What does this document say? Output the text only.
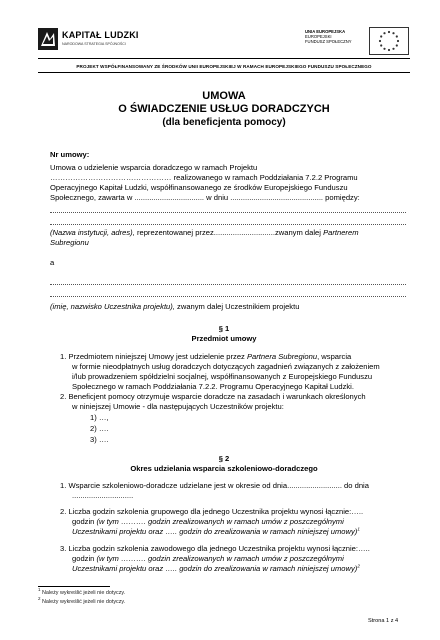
KAPITAŁ LUDZKI
NARODOWA STRATEGIA SPÓJNOŚCI
UNIA EUROPEJSKA
EUROPEJSKI
FUNDUSZ SPOŁECZNY
PROJEKT WSPÓŁFINANSOWANY ZE ŚRODKÓW UNII EUROPEJSKIEJ W RAMACH EUROPEJSKIEGO FUNDUSZU SPOŁECZNEGO
UMOWA
O ŚWIADCZENIE USŁUG DORADCZYCH
(dla beneficjenta pomocy)
Nr umowy:
Umowa o udzielenie wsparcia doradczego w ramach Projektu
………………………………………… realizowanego w ramach Poddziałania 7.2.2 Programu
Operacyjnego Kapitał Ludzki, współfinansowanego ze środków Europejskiego Funduszu
Społecznego, zawarta w ................................. w dniu ............................................ pomiędzy:
(Nazwa instytucji, adres), reprezentowanej przez.............................zwanym dalej Partnerem
Subregionu
a
(imię, nazwisko Uczestnika projektu), zwanym dalej Uczestnikiem projektu
§ 1
Przedmiot umowy
1. Przedmiotem niniejszej Umowy jest udzielenie przez Partnera Subregionu, wsparcia
w formie nieodpłatnych usług doradczych dotyczących zagadnień związanych z założeniem
i/lub prowadzeniem spółdzielni socjalnej, współfinansowanych z Europejskiego Funduszu
Społecznego w ramach Poddziałania 7.2.2. Programu Operacyjnego Kapitał Ludzki.
2. Beneficjent pomocy otrzymuje wsparcie doradcze na zasadach i warunkach określonych
w niniejszej Umowie - dla następujących Uczestników projektu:
1) …,
2) ….
3) ….
§ 2
Okres udzielania wsparcia szkoleniowo-doradczego
1. Wsparcie szkoleniowo-doradcze udzielane jest w okresie od dnia.......................... do dnia
.............................
2. Liczba godzin szkolenia grupowego dla jednego Uczestnika projektu wynosi łącznie:…..
godzin (w tym ………. godzin zrealizowanych w ramach umów z poszczególnymi
Uczestnikami projektu oraz ….. godzin do zrealizowania w ramach niniejszej umowy)$^1$
3. Liczba godzin szkolenia zawodowego dla jednego Uczestnika projektu wynosi łącznie:…..
godzin (w tym ………. godzin zrealizowanych w ramach umów z poszczególnymi
Uczestnikami projektu oraz ….. godzin do zrealizowania w ramach niniejszej umowy)$^2$
$^1$ Należy wykreślić jeżeli nie dotyczy.
$^2$ Należy wykreślić jeżeli nie dotyczy.
Strona 1 z 4
